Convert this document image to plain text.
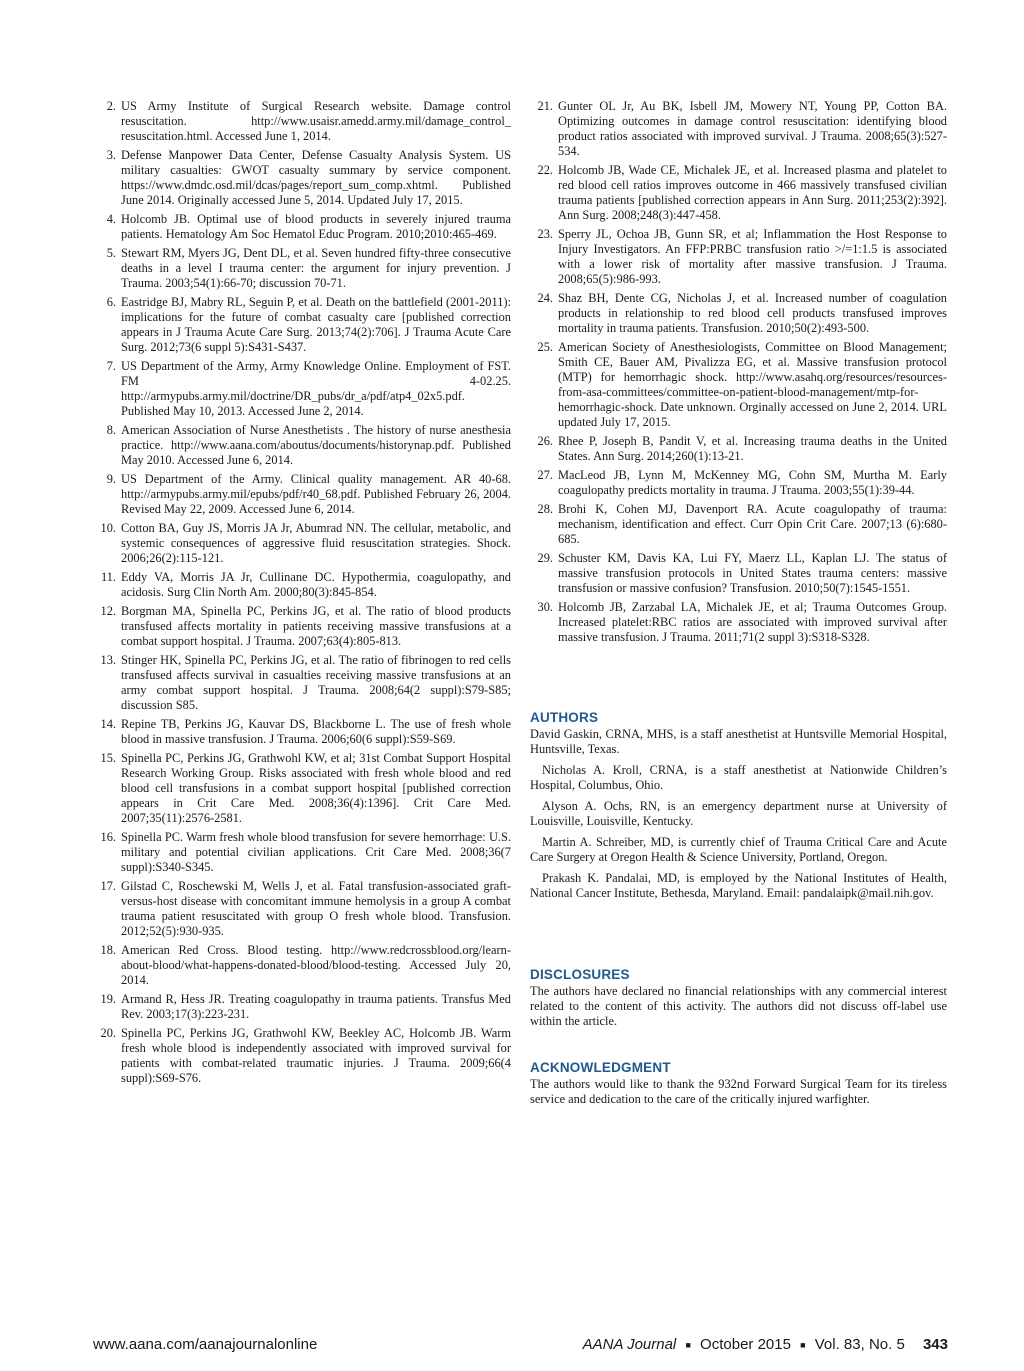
2. US Army Institute of Surgical Research website. Damage control resuscitation. http://www.usaisr.amedd.army.mil/damage_control_ resuscitation.html. Accessed June 1, 2014.
3. Defense Manpower Data Center, Defense Casualty Analysis System. US military casualties: GWOT casualty summary by service component. https://www.dmdc.osd.mil/dcas/pages/report_sum_comp.xhtml. Published June 2014. Originally accessed June 5, 2014. Updated July 17, 2015.
4. Holcomb JB. Optimal use of blood products in severely injured trauma patients. Hematology Am Soc Hematol Educ Program. 2010;2010:465-469.
5. Stewart RM, Myers JG, Dent DL, et al. Seven hundred fifty-three consecutive deaths in a level I trauma center: the argument for injury prevention. J Trauma. 2003;54(1):66-70; discussion 70-71.
6. Eastridge BJ, Mabry RL, Seguin P, et al. Death on the battlefield (2001-2011): implications for the future of combat casualty care [published correction appears in J Trauma Acute Care Surg. 2013;74(2):706]. J Trauma Acute Care Surg. 2012;73(6 suppl 5):S431-S437.
7. US Department of the Army, Army Knowledge Online. Employment of FST. FM 4-02.25. http://armypubs.army.mil/doctrine/DR_pubs/dr_a/pdf/atp4_02x5.pdf. Published May 10, 2013. Accessed June 2, 2014.
8. American Association of Nurse Anesthetists . The history of nurse anesthesia practice. http://www.aana.com/aboutus/documents/historynap.pdf. Published May 2010. Accessed June 6, 2014.
9. US Department of the Army. Clinical quality management. AR 40-68. http://armypubs.army.mil/epubs/pdf/r40_68.pdf. Published February 26, 2004. Revised May 22, 2009. Accessed June 6, 2014.
10. Cotton BA, Guy JS, Morris JA Jr, Abumrad NN. The cellular, metabolic, and systemic consequences of aggressive fluid resuscitation strategies. Shock. 2006;26(2):115-121.
11. Eddy VA, Morris JA Jr, Cullinane DC. Hypothermia, coagulopathy, and acidosis. Surg Clin North Am. 2000;80(3):845-854.
12. Borgman MA, Spinella PC, Perkins JG, et al. The ratio of blood products transfused affects mortality in patients receiving massive transfusions at a combat support hospital. J Trauma. 2007;63(4):805-813.
13. Stinger HK, Spinella PC, Perkins JG, et al. The ratio of fibrinogen to red cells transfused affects survival in casualties receiving massive transfusions at an army combat support hospital. J Trauma. 2008;64(2 suppl):S79-S85; discussion S85.
14. Repine TB, Perkins JG, Kauvar DS, Blackborne L. The use of fresh whole blood in massive transfusion. J Trauma. 2006;60(6 suppl):S59-S69.
15. Spinella PC, Perkins JG, Grathwohl KW, et al; 31st Combat Support Hospital Research Working Group. Risks associated with fresh whole blood and red blood cell transfusions in a combat support hospital [published correction appears in Crit Care Med. 2008;36(4):1396]. Crit Care Med. 2007;35(11):2576-2581.
16. Spinella PC. Warm fresh whole blood transfusion for severe hemorrhage: U.S. military and potential civilian applications. Crit Care Med. 2008;36(7 suppl):S340-S345.
17. Gilstad C, Roschewski M, Wells J, et al. Fatal transfusion-associated graft-versus-host disease with concomitant immune hemolysis in a group A combat trauma patient resuscitated with group O fresh whole blood. Transfusion. 2012;52(5):930-935.
18. American Red Cross. Blood testing. http://www.redcrossblood.org/learn-about-blood/what-happens-donated-blood/blood-testing. Accessed July 20, 2014.
19. Armand R, Hess JR. Treating coagulopathy in trauma patients. Transfus Med Rev. 2003;17(3):223-231.
20. Spinella PC, Perkins JG, Grathwohl KW, Beekley AC, Holcomb JB. Warm fresh whole blood is independently associated with improved survival for patients with combat-related traumatic injuries. J Trauma. 2009;66(4 suppl):S69-S76.
21. Gunter OL Jr, Au BK, Isbell JM, Mowery NT, Young PP, Cotton BA. Optimizing outcomes in damage control resuscitation: identifying blood product ratios associated with improved survival. J Trauma. 2008;65(3):527-534.
22. Holcomb JB, Wade CE, Michalek JE, et al. Increased plasma and platelet to red blood cell ratios improves outcome in 466 massively transfused civilian trauma patients [published correction appears in Ann Surg. 2011;253(2):392]. Ann Surg. 2008;248(3):447-458.
23. Sperry JL, Ochoa JB, Gunn SR, et al; Inflammation the Host Response to Injury Investigators. An FFP:PRBC transfusion ratio >/=1:1.5 is associated with a lower risk of mortality after massive transfusion. J Trauma. 2008;65(5):986-993.
24. Shaz BH, Dente CG, Nicholas J, et al. Increased number of coagulation products in relationship to red blood cell products transfused improves mortality in trauma patients. Transfusion. 2010;50(2):493-500.
25. American Society of Anesthesiologists, Committee on Blood Management; Smith CE, Bauer AM, Pivalizza EG, et al. Massive transfusion protocol (MTP) for hemorrhagic shock. http://www.asahq.org/resources/resources-from-asa-committees/committee-on-patient-blood-management/mtp-for-hemorrhagic-shock. Date unknown. Orginally accessed on June 2, 2014. URL updated July 17, 2015.
26. Rhee P, Joseph B, Pandit V, et al. Increasing trauma deaths in the United States. Ann Surg. 2014;260(1):13-21.
27. MacLeod JB, Lynn M, McKenney MG, Cohn SM, Murtha M. Early coagulopathy predicts mortality in trauma. J Trauma. 2003;55(1):39-44.
28. Brohi K, Cohen MJ, Davenport RA. Acute coagulopathy of trauma: mechanism, identification and effect. Curr Opin Crit Care. 2007;13 (6):680-685.
29. Schuster KM, Davis KA, Lui FY, Maerz LL, Kaplan LJ. The status of massive transfusion protocols in United States trauma centers: massive transfusion or massive confusion? Transfusion. 2010;50(7):1545-1551.
30. Holcomb JB, Zarzabal LA, Michalek JE, et al; Trauma Outcomes Group. Increased platelet:RBC ratios are associated with improved survival after massive transfusion. J Trauma. 2011;71(2 suppl 3):S318-S328.
AUTHORS

David Gaskin, CRNA, MHS, is a staff anesthetist at Huntsville Memorial Hospital, Huntsville, Texas.

Nicholas A. Kroll, CRNA, is a staff anesthetist at Nationwide Children’s Hospital, Columbus, Ohio.

Alyson A. Ochs, RN, is an emergency department nurse at University of Louisville, Louisville, Kentucky.

Martin A. Schreiber, MD, is currently chief of Trauma Critical Care and Acute Care Surgery at Oregon Health & Science University, Portland, Oregon.

Prakash K. Pandalai, MD, is employed by the National Institutes of Health, National Cancer Institute, Bethesda, Maryland. Email: pandalaipk@mail.nih.gov.

DISCLOSURES

The authors have declared no financial relationships with any commercial interest related to the content of this activity. The authors did not discuss off-label use within the article.

ACKNOWLEDGMENT

The authors would like to thank the 932nd Forward Surgical Team for its tireless service and dedication to the care of the critically injured warfighter.

www.aana.com/aanajournalonline	AANA Journal ■ October 2015 ■ Vol. 83, No. 5 343
